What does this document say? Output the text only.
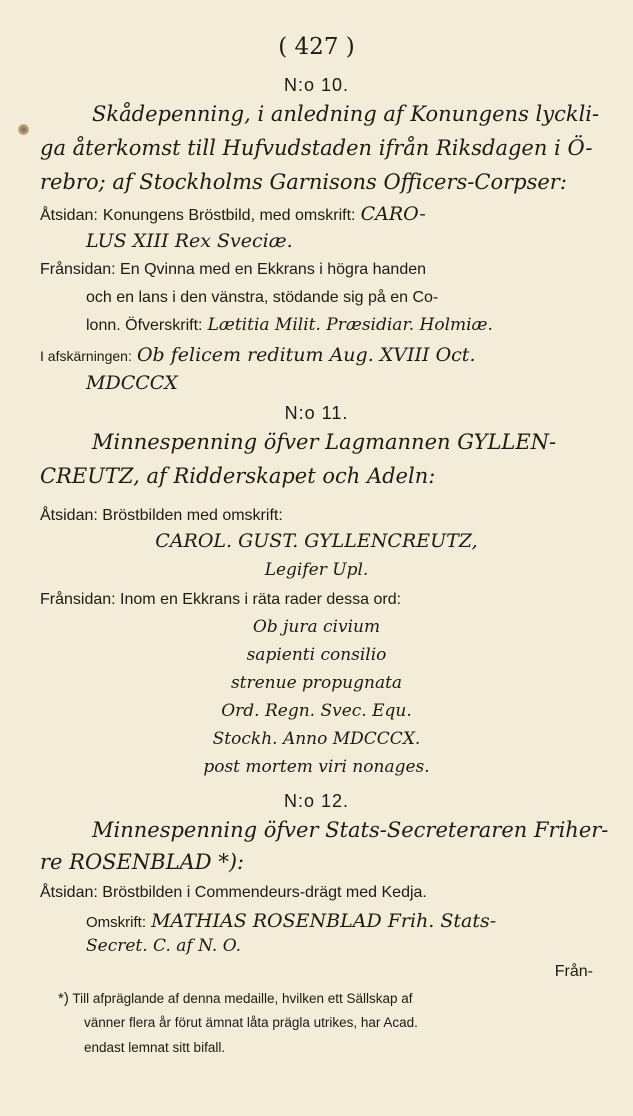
( 427 )
N:o 10.
Skådepenning, i anledning af Konungens lyckli-
ga återkomst till Hufvudstaden ifrån Riksdagen i Ö-
rebro; af Stockholms Garnisons Officers-Corpser:
Åtsidan: Konungens Bröstbild, med omskrift: CARO-
LUS XIII Rex Sveciæ.
Frånsidan: En Qvinna med en Ekkrans i högra handen
och en lans i den vänstra, stödande sig på en Co-
lonn. Öfverskrift: Lætitia Milit. Præsidiar. Holmiæ.
I afskärningen: Ob felicem reditum Aug. XVIII Oct.
MDCCCX
N:o 11.
Minnespenning öfver Lagmannen GYLLEN-
CREUTZ, af Ridderskapet och Adeln:
Åtsidan: Bröstbilden med omskrift:
CAROL. GUST. GYLLENCREUTZ,
Legifer Upl.
Frånsidan: Inom en Ekkrans i räta rader dessa ord:
Ob jura civium
sapienti consilio
strenue propugnata
Ord. Regn. Svec. Equ.
Stockh. Anno MDCCCX.
post mortem viri nonages.
N:o 12.
Minnespenning öfver Stats-Secreteraren Friher-
re ROSENBLAD *):
Åtsidan: Bröstbilden i Commendeurs-drägt med Kedja.
Omskrift: MATHIAS ROSENBLAD Frih. Stats-
Secret. C. af N. O.
Från-
*) Till afpräglande af denna medaille, hvilken ett Sällskap af
vänner flera år förut ämnat låta prägla utrikes, har Acad.
endast lemnat sitt bifall.
